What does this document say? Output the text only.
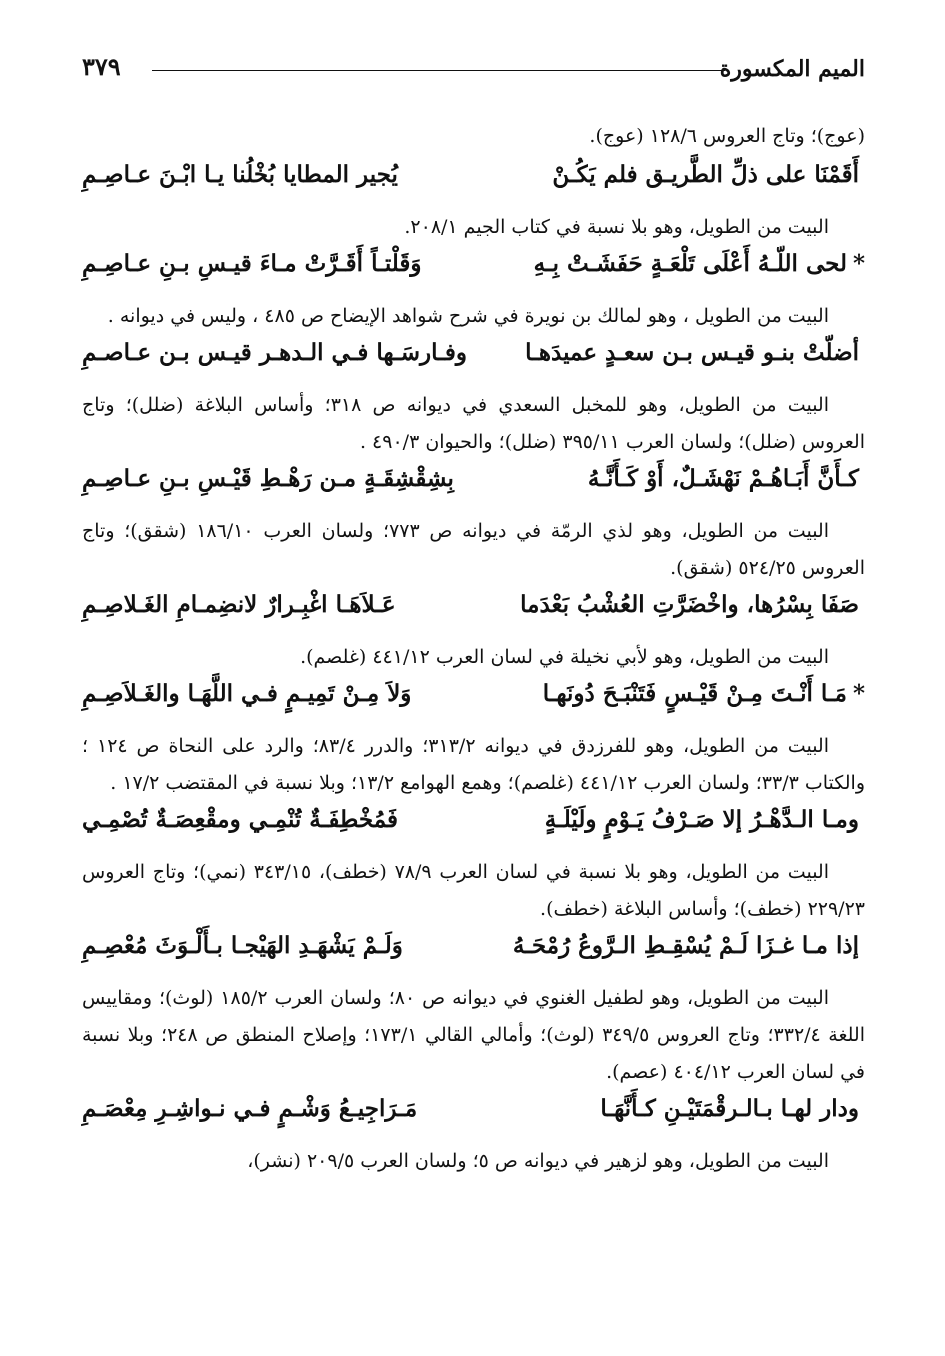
الميم المكسورة
٣٧٩

(عوج)؛ وتاج العروس ١٢٨/٦ (عوج).

أَقَمْنَا على ذلِّ الطَّريـق فلم يَكُـنْ
يُجير المطايا بُخْلُنا يـا ابْـنَ عـاصِـمِ

البيت من الطويل، وهو بلا نسبة في كتاب الجيم ٢٠٨/١.

*لحى اللّـهُ أَعْلَى تَلْعَـةٍ حَفَشَـتْ بِـهِ
وَقَلْتـاً أَقَـرَّتْ مـاءَ قيـسِ بـنِ عـاصِـمِ

البيت من الطويل ، وهو لمالك بن نويرة في شرح شواهد الإيضاح ص ٤٨٥ ، وليس في ديوانه .

أضلّتْ بنـو قيـس بـن سعـدٍ عميدَهـا
وفـارسَـها فـي الـدهـر قيـس بـن عـاصـمِ

البيت من الطويل، وهو للمخبل السعدي في ديوانه ص ٣١٨؛ وأساس البلاغة (ضلل)؛ وتاج العروس (ضلل)؛ ولسان العرب ٣٩٥/١١ (ضلل)؛ والحيوان ٤٩٠/٣ .

كـأَنَّ أَبَـاهُـمْ نَهْشَـلٌ، أَوْ كَـأَنَّـهُ
بِشِقْشِقَـةٍ مـن رَهْـطِ قَيْـسِ بـنِ عـاصِـمِ

البيت من الطويل، وهو لذي الرمّة في ديوانه ص ٧٧٣؛ ولسان العرب ١٨٦/١٠ (شقق)؛ وتاج العروس ٥٢٤/٢٥ (شقق).

صَفَا بِسْرُها، واخْضَرَّتِ العُشْبُ بَعْدَما
عَـلاَهَـا اغْبِـرارٌ لانضِمـامِ الغَـلاصِـمِ

البيت من الطويل، وهو لأبي نخيلة في لسان العرب ٤٤١/١٢ (غلصم).

*مَـا أَنْـتَ مِـنْ قَيْـسٍ فَتَنْبَـحَ دُونَهـا
وَلاَ مِـنْ تَمِيـمٍ فـي اللَّهَـا والغَـلاَصِـمِ

البيت من الطويل، وهو للفرزدق في ديوانه ٣١٣/٢؛ والدرر ٨٣/٤؛ والرد على النحاة ص ١٢٤ ؛ والكتاب ٣٣/٣؛ ولسان العرب ٤٤١/١٢ (غلصم)؛ وهمع الهوامع ١٣/٢؛ وبلا نسبة في المقتضب ١٧/٢ .

ومـا الـدَّهْـرُ إلا صَـرْفُ يَـوْمٍ ولَيْلَـةٍ
فَمُخْطِفَـةٌ تُنْمِـي ومقْعِصَـةٌ تُصْمِـي

البيت من الطويل، وهو بلا نسبة في لسان العرب ٧٨/٩ (خطف)، ٣٤٣/١٥ (نمي)؛ وتاج العروس ٢٢٩/٢٣ (خطف)؛ وأساس البلاغة (خطف).

إذا مـا غـزَا لَـمْ يُسْقِـطِ الـرَّوعُ رُمْحَـهُ
وَلَـمْ يَشْهَـدِ الهَيْجـا بـأَلْـوَثَ مُعْصِـمِ

البيت من الطويل، وهو لطفيل الغنوي في ديوانه ص ٨٠؛ ولسان العرب ١٨٥/٢ (لوث)؛ ومقاييس اللغة ٣٣٢/٤؛ وتاج العروس ٣٤٩/٥ (لوث)؛ وأمالي القالي ١٧٣/١؛ وإصلاح المنطق ص ٢٤٨؛ وبلا نسبة في لسان العرب ٤٠٤/١٢ (عصم).

ودار لهـا بـالـرقْمَتَيْـنِ كـأَنَّهَـا
مَـرَاجِيـعُ وَشْـمٍ فـي نـواشِـرِ مِعْصَـمِ

البيت من الطويل، وهو لزهير في ديوانه ص ٥؛ ولسان العرب ٢٠٩/٥ (نشر)،
